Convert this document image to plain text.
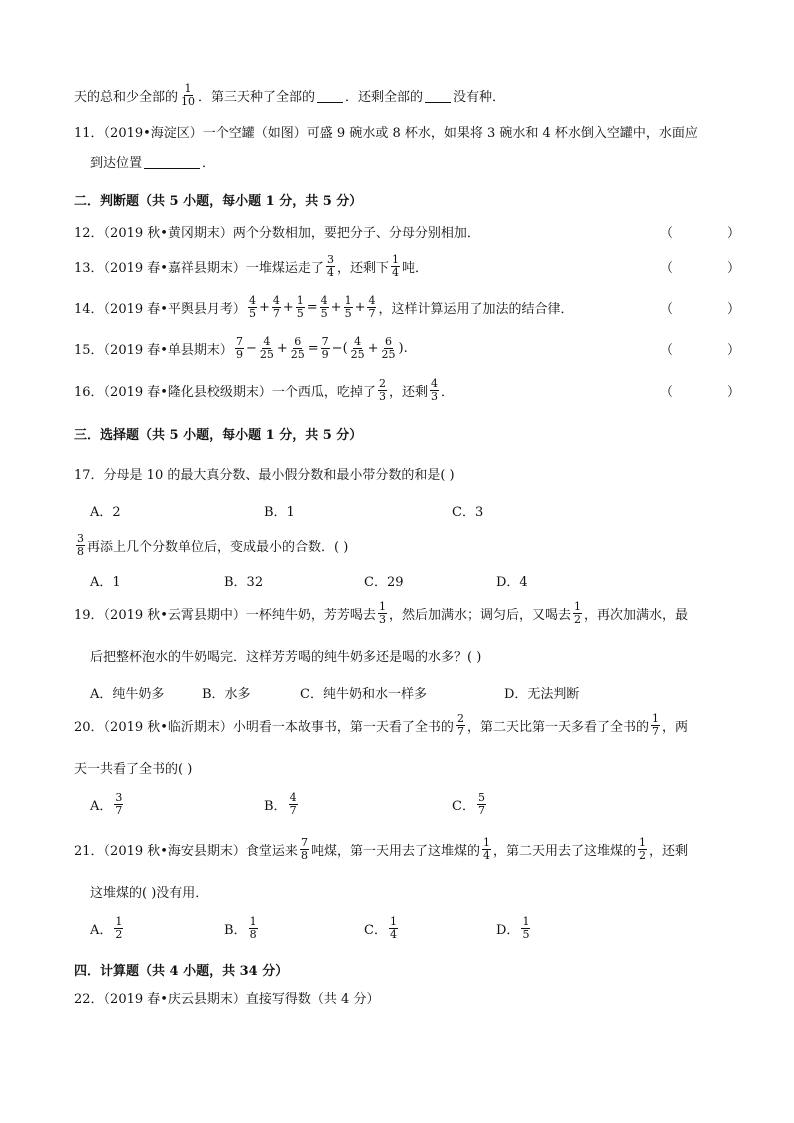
天的总和少全部的 $\frac{1}{10}$ ．第三天种了全部的 ．还剩全部的 没有种．
11．（2019•海淀区）一个空罐（如图）可盛 9 碗水或 8 杯水，如果将 3 碗水和 4 杯水倒入空罐中，水面应
到达位置	．
二．判断题（共 5 小题，每小题 1 分，共 5 分）
12．（2019 秋•黄冈期末）两个分数相加，要把分子、分母分别相加．	（	）
13．（2019 春•嘉祥县期末）一堆煤运走了 $\frac{3}{4}$ ，还剩下 $\frac{1}{4}$ 吨．	（	）
14．（2019 春•平舆县月考） $\frac{4}{5} + \frac{4}{7} + \frac{1}{5} = \frac{4}{5} + \frac{1}{5} + \frac{4}{7}$ ，这样计算运用了加法的结合律．	（	）
15．（2019 春•单县期末） $\frac{7}{9} - \frac{4}{25} + \frac{6}{25} = \frac{7}{9}$ − ( $\frac{4}{25} + \frac{6}{25}$ ) .	（	）
16．（2019 春•隆化县校级期末）一个西瓜，吃掉了 $\frac{2}{3}$ ，还剩 $\frac{4}{3}$ ．	（	）
三．选择题（共 5 小题，每小题 1 分，共 5 分）
17．分母是 10 的最大真分数、最小假分数和最小带分数的和是( )
A．2	B．1	C．3
$\frac{3}{8}$ 再添上几个分数单位后，变成最小的合数．( )
A．1	B．32	C．29	D．4
19．（2019 秋•云霄县期中）一杯纯牛奶，芳芳喝去 $\frac{1}{3}$ ，然后加满水；调匀后，又喝去 $\frac{1}{2}$ ，再次加满水，最
后把整杯泡水的牛奶喝完．这样芳芳喝的纯牛奶多还是喝的水多？( )
A．纯牛奶多	B．水多	C．纯牛奶和水一样多	D．无法判断
20．（2019 秋•临沂期末）小明看一本故事书，第一天看了全书的 $\frac{2}{7}$ ，第二天比第一天多看了全书的 $\frac{1}{7}$ ，两
天一共看了全书的( )
A． $\frac{3}{7}$	B． $\frac{4}{7}$	C． $\frac{5}{7}$
21．（2019 秋•海安县期末）食堂运来 $\frac{7}{8}$ 吨煤，第一天用去了这堆煤的 $\frac{1}{4}$ ，第二天用去了这堆煤的 $\frac{1}{2}$ ，还剩
这堆煤的( )没有用．
A． $\frac{1}{2}$	B． $\frac{1}{8}$	C． $\frac{1}{4}$	D． $\frac{1}{5}$
四．计算题（共 4 小题，共 34 分）
22．（2019 春•庆云县期末）直接写得数（共 4 分）
